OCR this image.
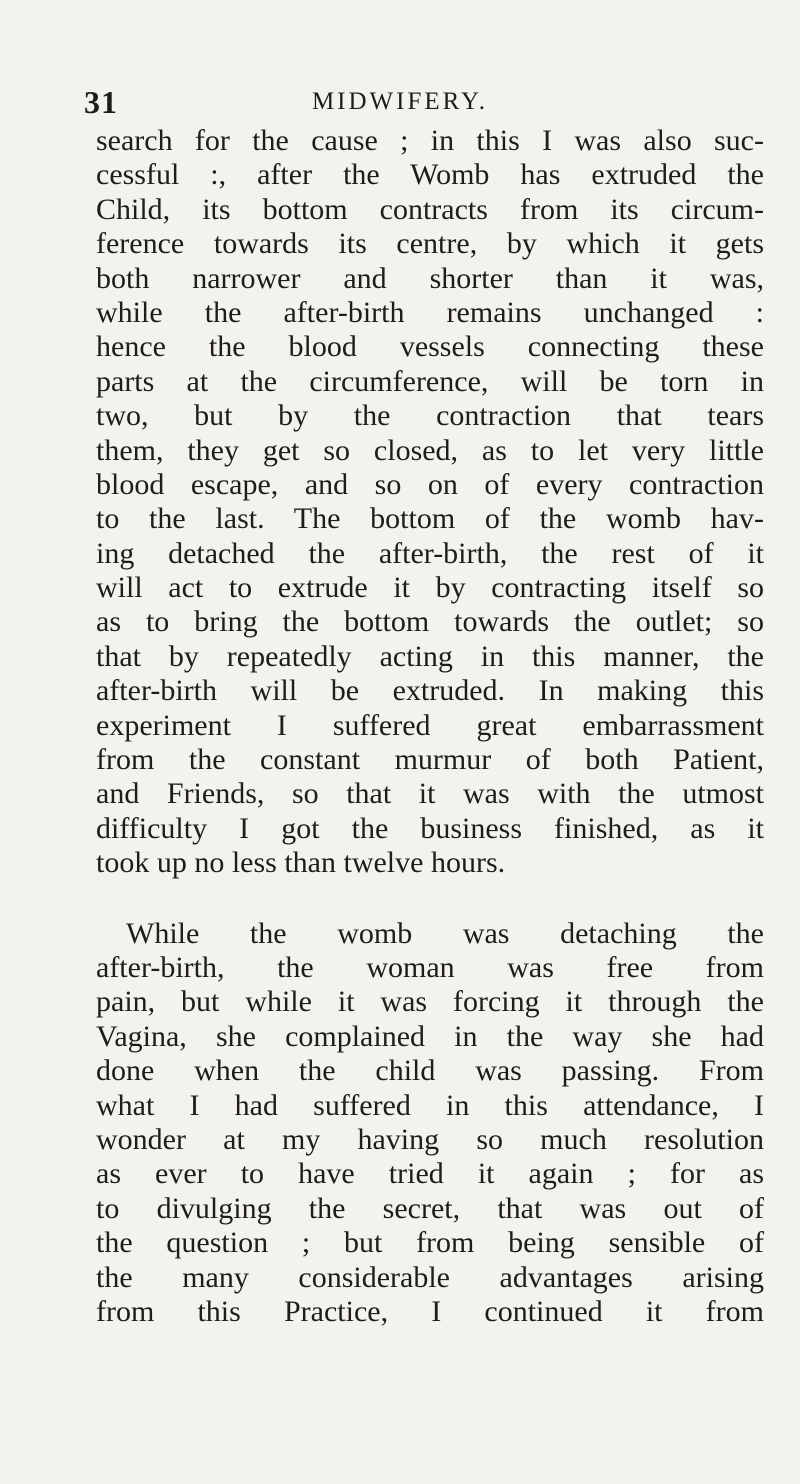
31	MIDWIFERY.
search for the cause ; in this I was also suc-
cessful :, after the Womb has extruded the
Child, its bottom contracts from its circum-
ference towards its centre, by which it gets
both narrower and shorter than it was,
while the after-birth remains unchanged :
hence the blood vessels connecting these
parts at the circumference, will be torn in
two, but by the contraction that tears
them, they get so closed, as to let very little
blood escape, and so on of every contraction
to the last. The bottom of the womb hav-
ing detached the after-birth, the rest of it
will act to extrude it by contracting itself so
as to bring the bottom towards the outlet; so
that by repeatedly acting in this manner, the
after-birth will be extruded. In making this
experiment I suffered great embarrassment
from the constant murmur of both Patient,
and Friends, so that it was with the utmost
difficulty I got the business finished, as it
took up no less than twelve hours.
While the womb was detaching the
after-birth, the woman was free from
pain, but while it was forcing it through the
Vagina, she complained in the way she had
done when the child was passing. From
what I had suffered in this attendance, I
wonder at my having so much resolution
as ever to have tried it again ; for as
to divulging the secret, that was out of
the question ; but from being sensible of
the many considerable advantages arising
from this Practice, I continued it from
